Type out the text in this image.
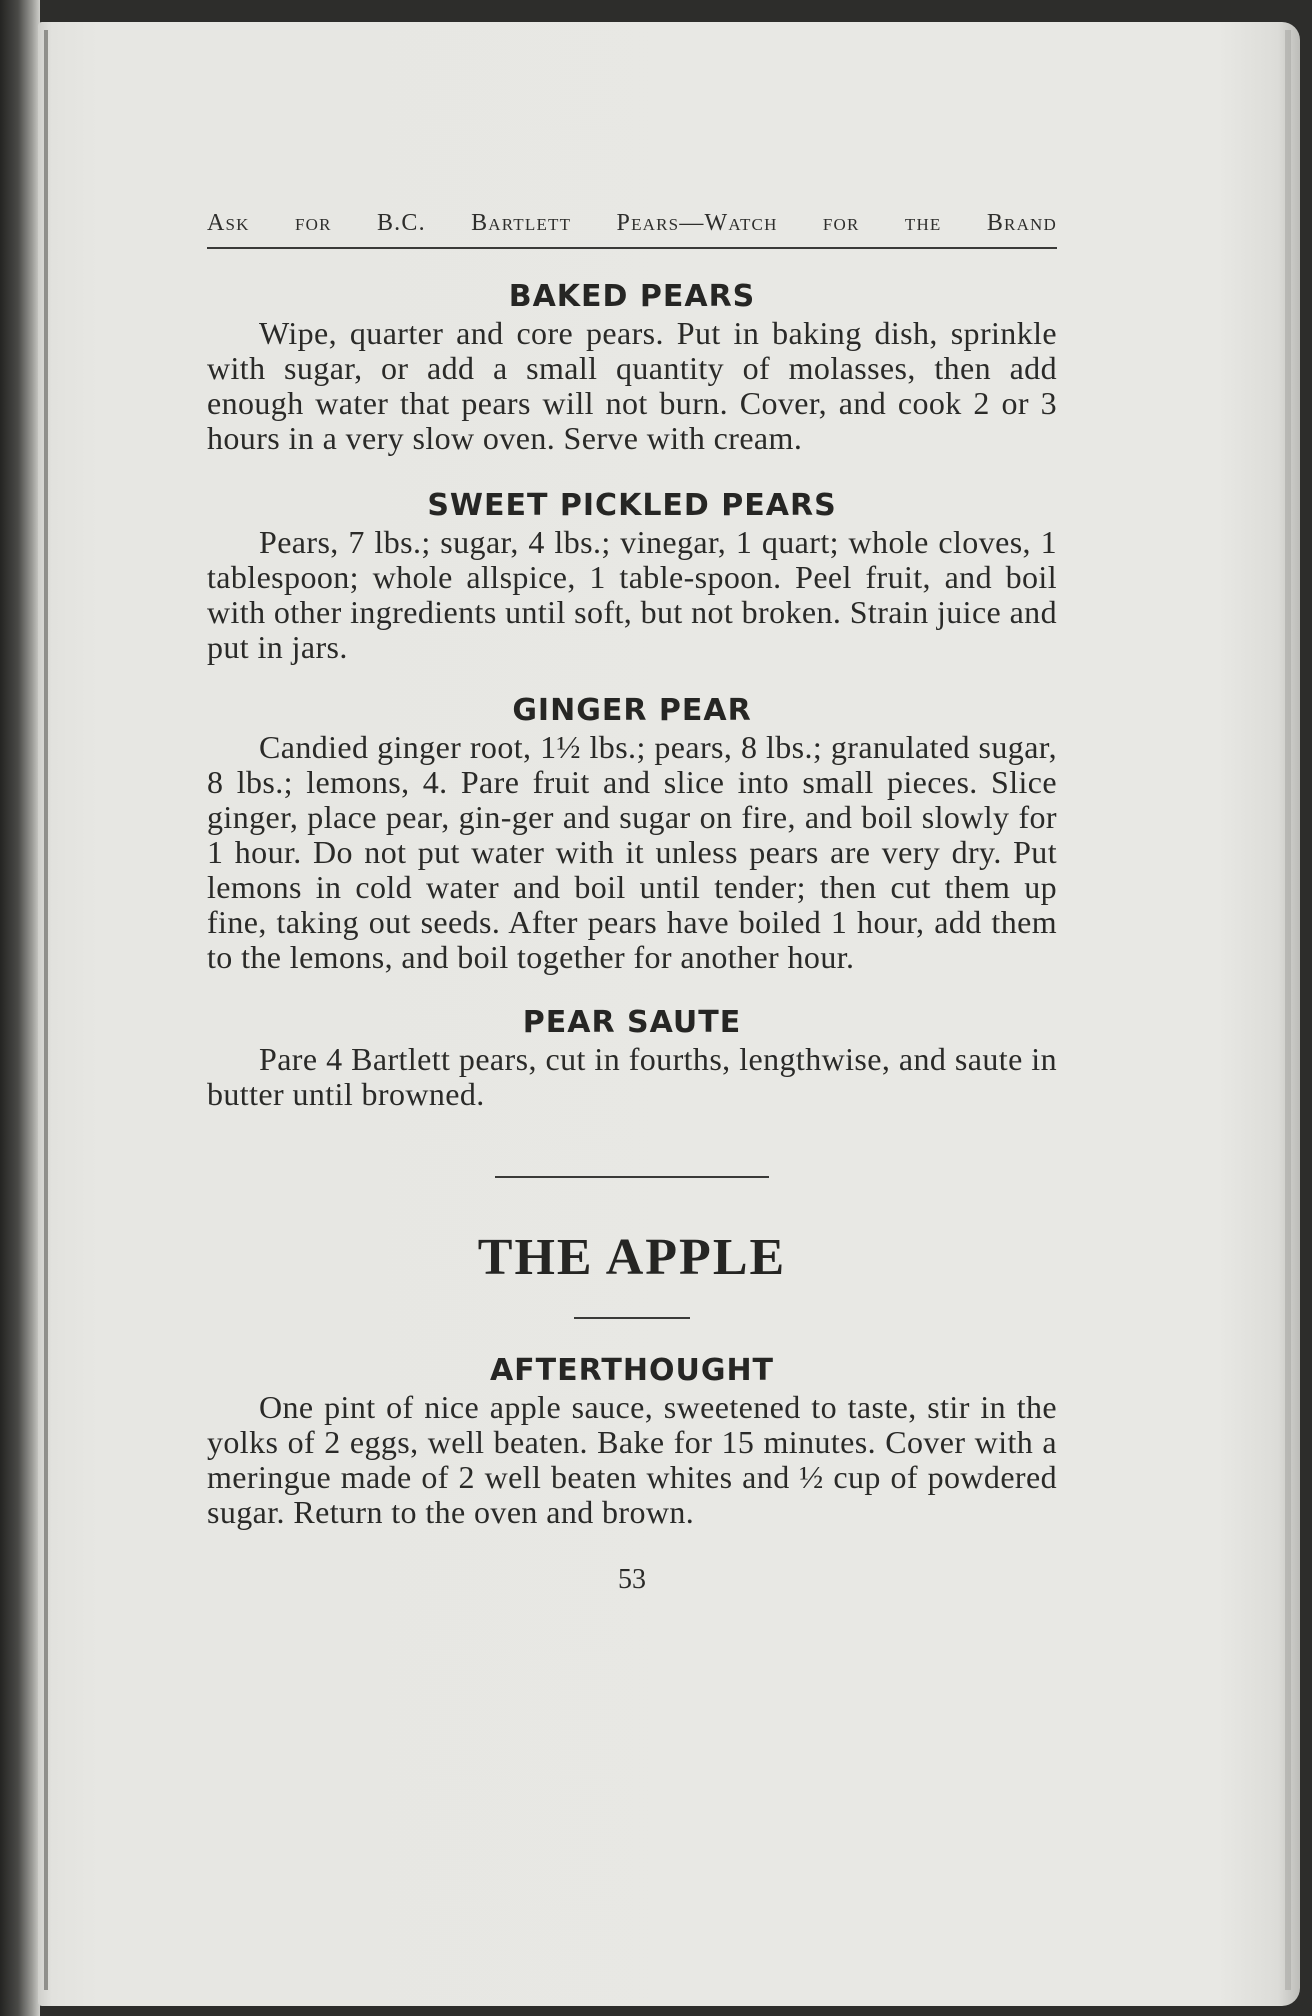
Ask for B.C. Bartlett Pears—Watch for the Brand

BAKED PEARS

Wipe, quarter and core pears. Put in baking dish, sprinkle with sugar, or add a small quantity of molasses, then add enough water that pears will not burn. Cover, and cook 2 or 3 hours in a very slow oven. Serve with cream.

SWEET PICKLED PEARS

Pears, 7 lbs.; sugar, 4 lbs.; vinegar, 1 quart; whole cloves, 1 tablespoon; whole allspice, 1 table-spoon. Peel fruit, and boil with other ingredients until soft, but not broken. Strain juice and put in jars.

GINGER PEAR

Candied ginger root, 1½ lbs.; pears, 8 lbs.; granulated sugar, 8 lbs.; lemons, 4. Pare fruit and slice into small pieces. Slice ginger, place pear, gin-ger and sugar on fire, and boil slowly for 1 hour. Do not put water with it unless pears are very dry. Put lemons in cold water and boil until tender; then cut them up fine, taking out seeds. After pears have boiled 1 hour, add them to the lemons, and boil together for another hour.

PEAR SAUTE

Pare 4 Bartlett pears, cut in fourths, lengthwise, and saute in butter until browned.

THE APPLE
AFTERTHOUGHT

One pint of nice apple sauce, sweetened to taste, stir in the yolks of 2 eggs, well beaten. Bake for 15 minutes. Cover with a meringue made of 2 well beaten whites and ½ cup of powdered sugar. Return to the oven and brown.

53
